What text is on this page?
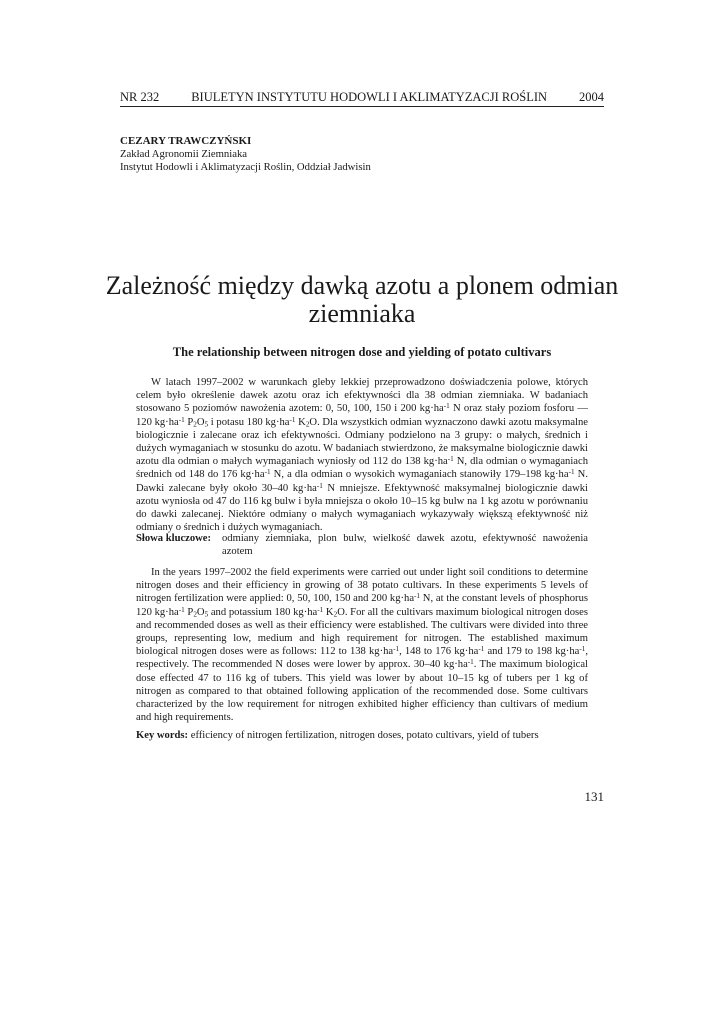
NR 232	BIULETYN INSTYTUTU HODOWLI I AKLIMATYZACJI ROŚLIN	2004
CEZARY TRAWCZYŃSKI
Zakład Agronomii Ziemniaka
Instytut Hodowli i Aklimatyzacji Roślin, Oddział Jadwisin
Zależność między dawką azotu a plonem odmian ziemniaka
The relationship between nitrogen dose and yielding of potato cultivars

W latach 1997–2002 w warunkach gleby lekkiej przeprowadzono doświadczenia polowe, których celem było określenie dawek azotu oraz ich efektywności dla 38 odmian ziemniaka. W badaniach stosowano 5 poziomów nawożenia azotem: 0, 50, 100, 150 i 200 $kg\cdot ha^{-1}$ N oraz stały poziom fosforu — 120 $kg\cdot ha^{-1}$ $P_2O_5$ i potasu 180 $kg\cdot ha^{-1}$ $K_2O$. Dla wszystkich odmian wyznaczono dawki azotu maksymalne biologicznie i zalecane oraz ich efektywności. Odmiany podzielono na 3 grupy: o małych, średnich i dużych wymaganiach w stosunku do azotu. W badaniach stwierdzono, że maksymalne biologicznie dawki azotu dla odmian o małych wymaganiach wyniosły od 112 do 138 $kg\cdot ha^{-1}$ N, dla odmian o wymaganiach średnich od 148 do 176 $kg\cdot ha^{-1}$ N, a dla odmian o wysokich wymaganiach stanowiły 179–198 $kg\cdot ha^{-1}$ N. Dawki zalecane były około 30–40 $kg\cdot ha^{-1}$ N mniejsze. Efektywność maksymalnej biologicznie dawki azotu wyniosła od 47 do 116 kg bulw i była mniejsza o około 10–15 kg bulw na 1 kg azotu w porównaniu do dawki zalecanej. Niektóre odmiany o małych wymaganiach wykazywały większą efektywność niż odmiany o średnich i dużych wymaganiach.

Słowa kluczowe:	odmiany ziemniaka, plon bulw, wielkość dawek azotu, efektywność nawożenia azotem

In the years 1997–2002 the field experiments were carried out under light soil conditions to determine nitrogen doses and their efficiency in growing of 38 potato cultivars. In these experiments 5 levels of nitrogen fertilization were applied: 0, 50, 100, 150 and 200 $kg\cdot ha^{-1}$ N, at the constant levels of phosphorus 120 $kg\cdot ha^{-1}$ $P_2O_5$ and potassium 180 $kg\cdot ha^{-1}$ $K_2O$. For all the cultivars maximum biological nitrogen doses and recommended doses as well as their efficiency were established. The cultivars were divided into three groups, representing low, medium and high requirement for nitrogen. The established maximum biological nitrogen doses were as follows: 112 to 138 $kg\cdot ha^{-1}$, 148 to 176 $kg\cdot ha^{-1}$ and 179 to 198 $kg\cdot ha^{-1}$, respectively. The recommended N doses were lower by approx. 30–40 $kg\cdot ha^{-1}$. The maximum biological dose effected 47 to 116 kg of tubers. This yield was lower by about 10–15 kg of tubers per 1 kg of nitrogen as compared to that obtained following application of the recommended dose. Some cultivars characterized by the low requirement for nitrogen exhibited higher efficiency than cultivars of medium and high requirements.

Key words: efficiency of nitrogen fertilization, nitrogen doses, potato cultivars, yield of tubers
131
